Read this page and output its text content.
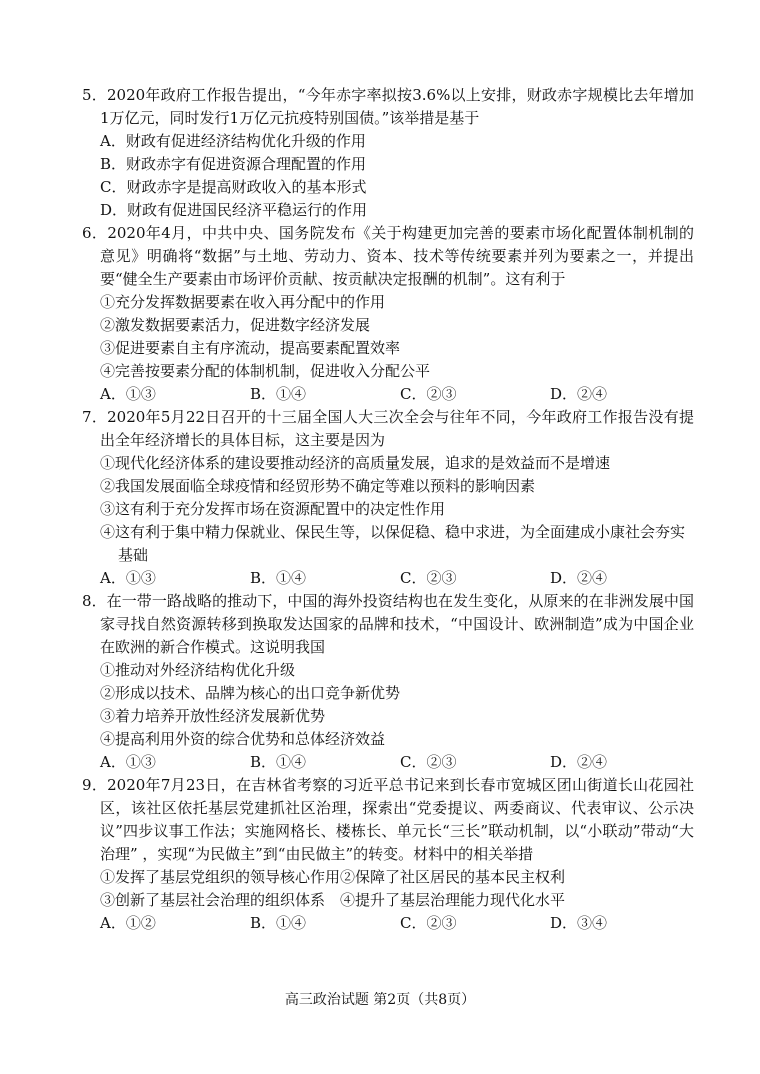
5．2020年政府工作报告提出，“今年赤字率拟按3.6%以上安排，财政赤字规模比去年增加1万亿元，同时发行1万亿元抗疫特别国债。”该举措是基于

A．财政有促进经济结构优化升级的作用

B．财政赤字有促进资源合理配置的作用

C．财政赤字是提高财政收入的基本形式

D．财政有促进国民经济平稳运行的作用

6．2020年4月，中共中央、国务院发布《关于构建更加完善的要素市场化配置体制机制的意见》明确将“数据”与土地、劳动力、资本、技术等传统要素并列为要素之一，并提出要“健全生产要素由市场评价贡献、按贡献决定报酬的机制”。这有利于

①充分发挥数据要素在收入再分配中的作用

②激发数据要素活力，促进数字经济发展

③促进要素自主有序流动，提高要素配置效率

④完善按要素分配的体制机制，促进收入分配公平

A．①③	B．①④	C．②③	D．②④

7．2020年5月22日召开的十三届全国人大三次全会与往年不同，今年政府工作报告没有提出全年经济增长的具体目标，这主要是因为

①现代化经济体系的建设要推动经济的高质量发展，追求的是效益而不是增速

②我国发展面临全球疫情和经贸形势不确定等难以预料的影响因素

③这有利于充分发挥市场在资源配置中的决定性作用

④这有利于集中精力保就业、保民生等，以保促稳、稳中求进，为全面建成小康社会夯实基础

A．①③	B．①④	C．②③	D．②④

8．在一带一路战略的推动下，中国的海外投资结构也在发生变化，从原来的在非洲发展中国家寻找自然资源转移到换取发达国家的品牌和技术，“中国设计、欧洲制造”成为中国企业在欧洲的新合作模式。这说明我国

①推动对外经济结构优化升级

②形成以技术、品牌为核心的出口竞争新优势

③着力培养开放性经济发展新优势

④提高利用外资的综合优势和总体经济效益

A．①③	B．①④	C．②③	D．②④

9．2020年7月23日，在吉林省考察的习近平总书记来到长春市宽城区团山街道长山花园社区，该社区依托基层党建抓社区治理，探索出“党委提议、两委商议、代表审议、公示决议”四步议事工作法；实施网格长、楼栋长、单元长“三长”联动机制，以“小联动”带动“大治理” ，实现“为民做主”到“由民做主”的转变。材料中的相关举措

①发挥了基层党组织的领导核心作用 ②保障了社区居民的基本民主权利
③创新了基层社会治理的组织体系 ④提升了基层治理能力现代化水平
A．①②	B．①④	C．②③	D．③④
高三政治试题 第2页（共8页）
